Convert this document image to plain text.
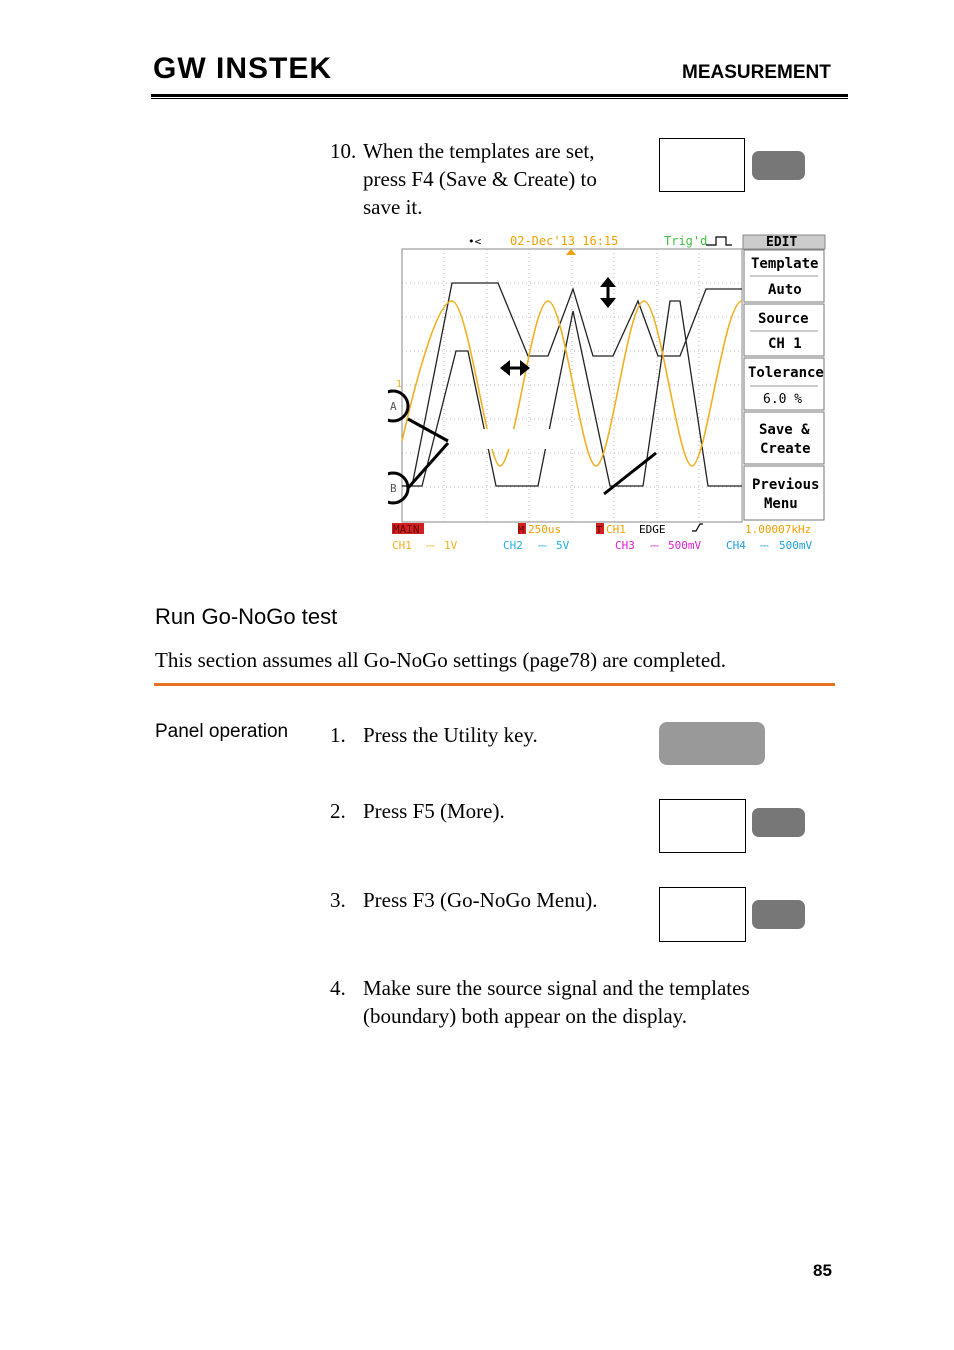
GW INSTEK	MEASUREMENT
10. When the templates are set,
press F4 (Save & Create) to
save it.
A
B
1
•< 02-Dec'13 16:15	Trig'd	EDIT
Template
Auto
Source
CH 1
Tolerance
6.0 %
Save &
Create
Previous
Menu
MAIN	M 250us	T CH1 EDGE	1.00007kHz
CH1 ⎓ 1V	CH2 ⎓ 5V	CH3 ⎓ 500mV CH4 ⎓ 500mV
Run Go-NoGo test
This section assumes all Go-NoGo settings (page78) are completed.
Panel operation 1. Press the Utility key.
2. Press F5 (More).
3. Press F3 (Go-NoGo Menu).
4. Make sure the source signal and the templates
(boundary) both appear on the display.
85
